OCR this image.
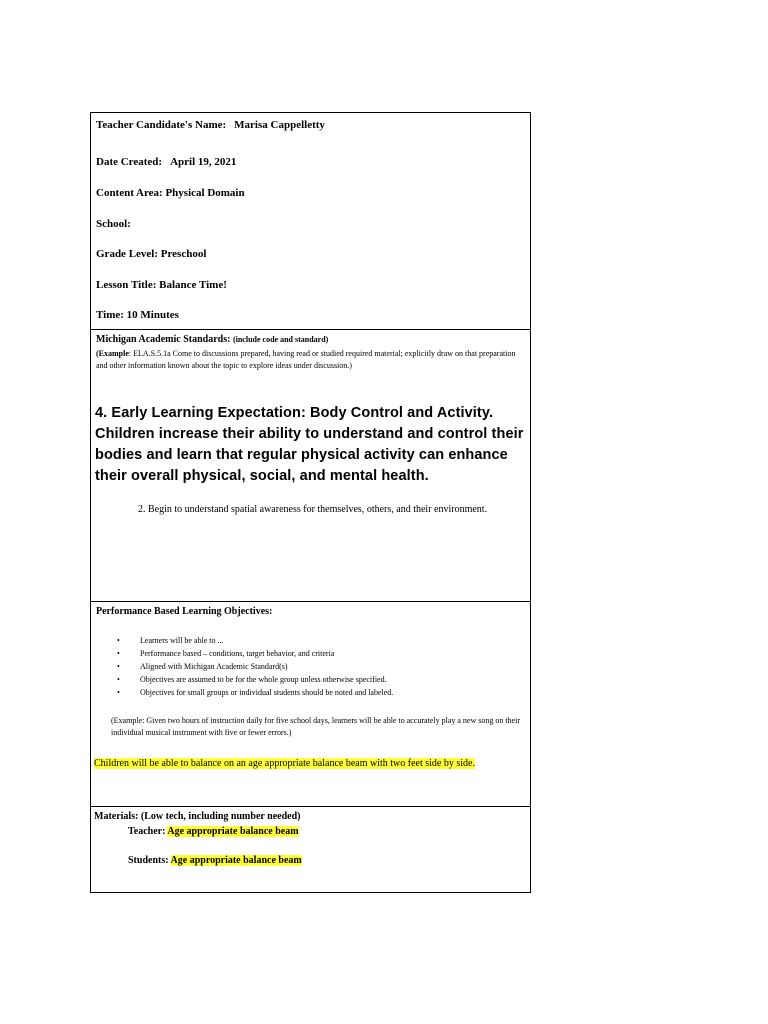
Teacher Candidate's Name: Marisa Cappelletty
Date Created: April 19, 2021
Content Area: Physical Domain
School:
Grade Level: Preschool
Lesson Title: Balance Time!
Time: 10 Minutes
Michigan Academic Standards: (include code and standard)
(Example: ELA.S.5.1a Come to discussions prepared, having read or studied required material; explicitly draw on that preparation and other information known about the topic to explore ideas under discussion.)
4. Early Learning Expectation: Body Control and Activity. Children increase their ability to understand and control their bodies and learn that regular physical activity can enhance their overall physical, social, and mental health.
2. Begin to understand spatial awareness for themselves, others, and their environment.
Performance Based Learning Objectives:
• Learners will be able to ...
• Performance based – conditions, target behavior, and criteria
• Aligned with Michigan Academic Standard(s)
• Objectives are assumed to be for the whole group unless otherwise specified.
• Objectives for small groups or individual students should be noted and labeled.
(Example: Given two hours of instruction daily for five school days, learners will be able to accurately play a new song on their individual musical instrument with five or fewer errors.)
Children will be able to balance on an age appropriate balance beam with two feet side by side.
Materials: (Low tech, including number needed)
Teacher: Age appropriate balance beam
Students: Age appropriate balance beam
